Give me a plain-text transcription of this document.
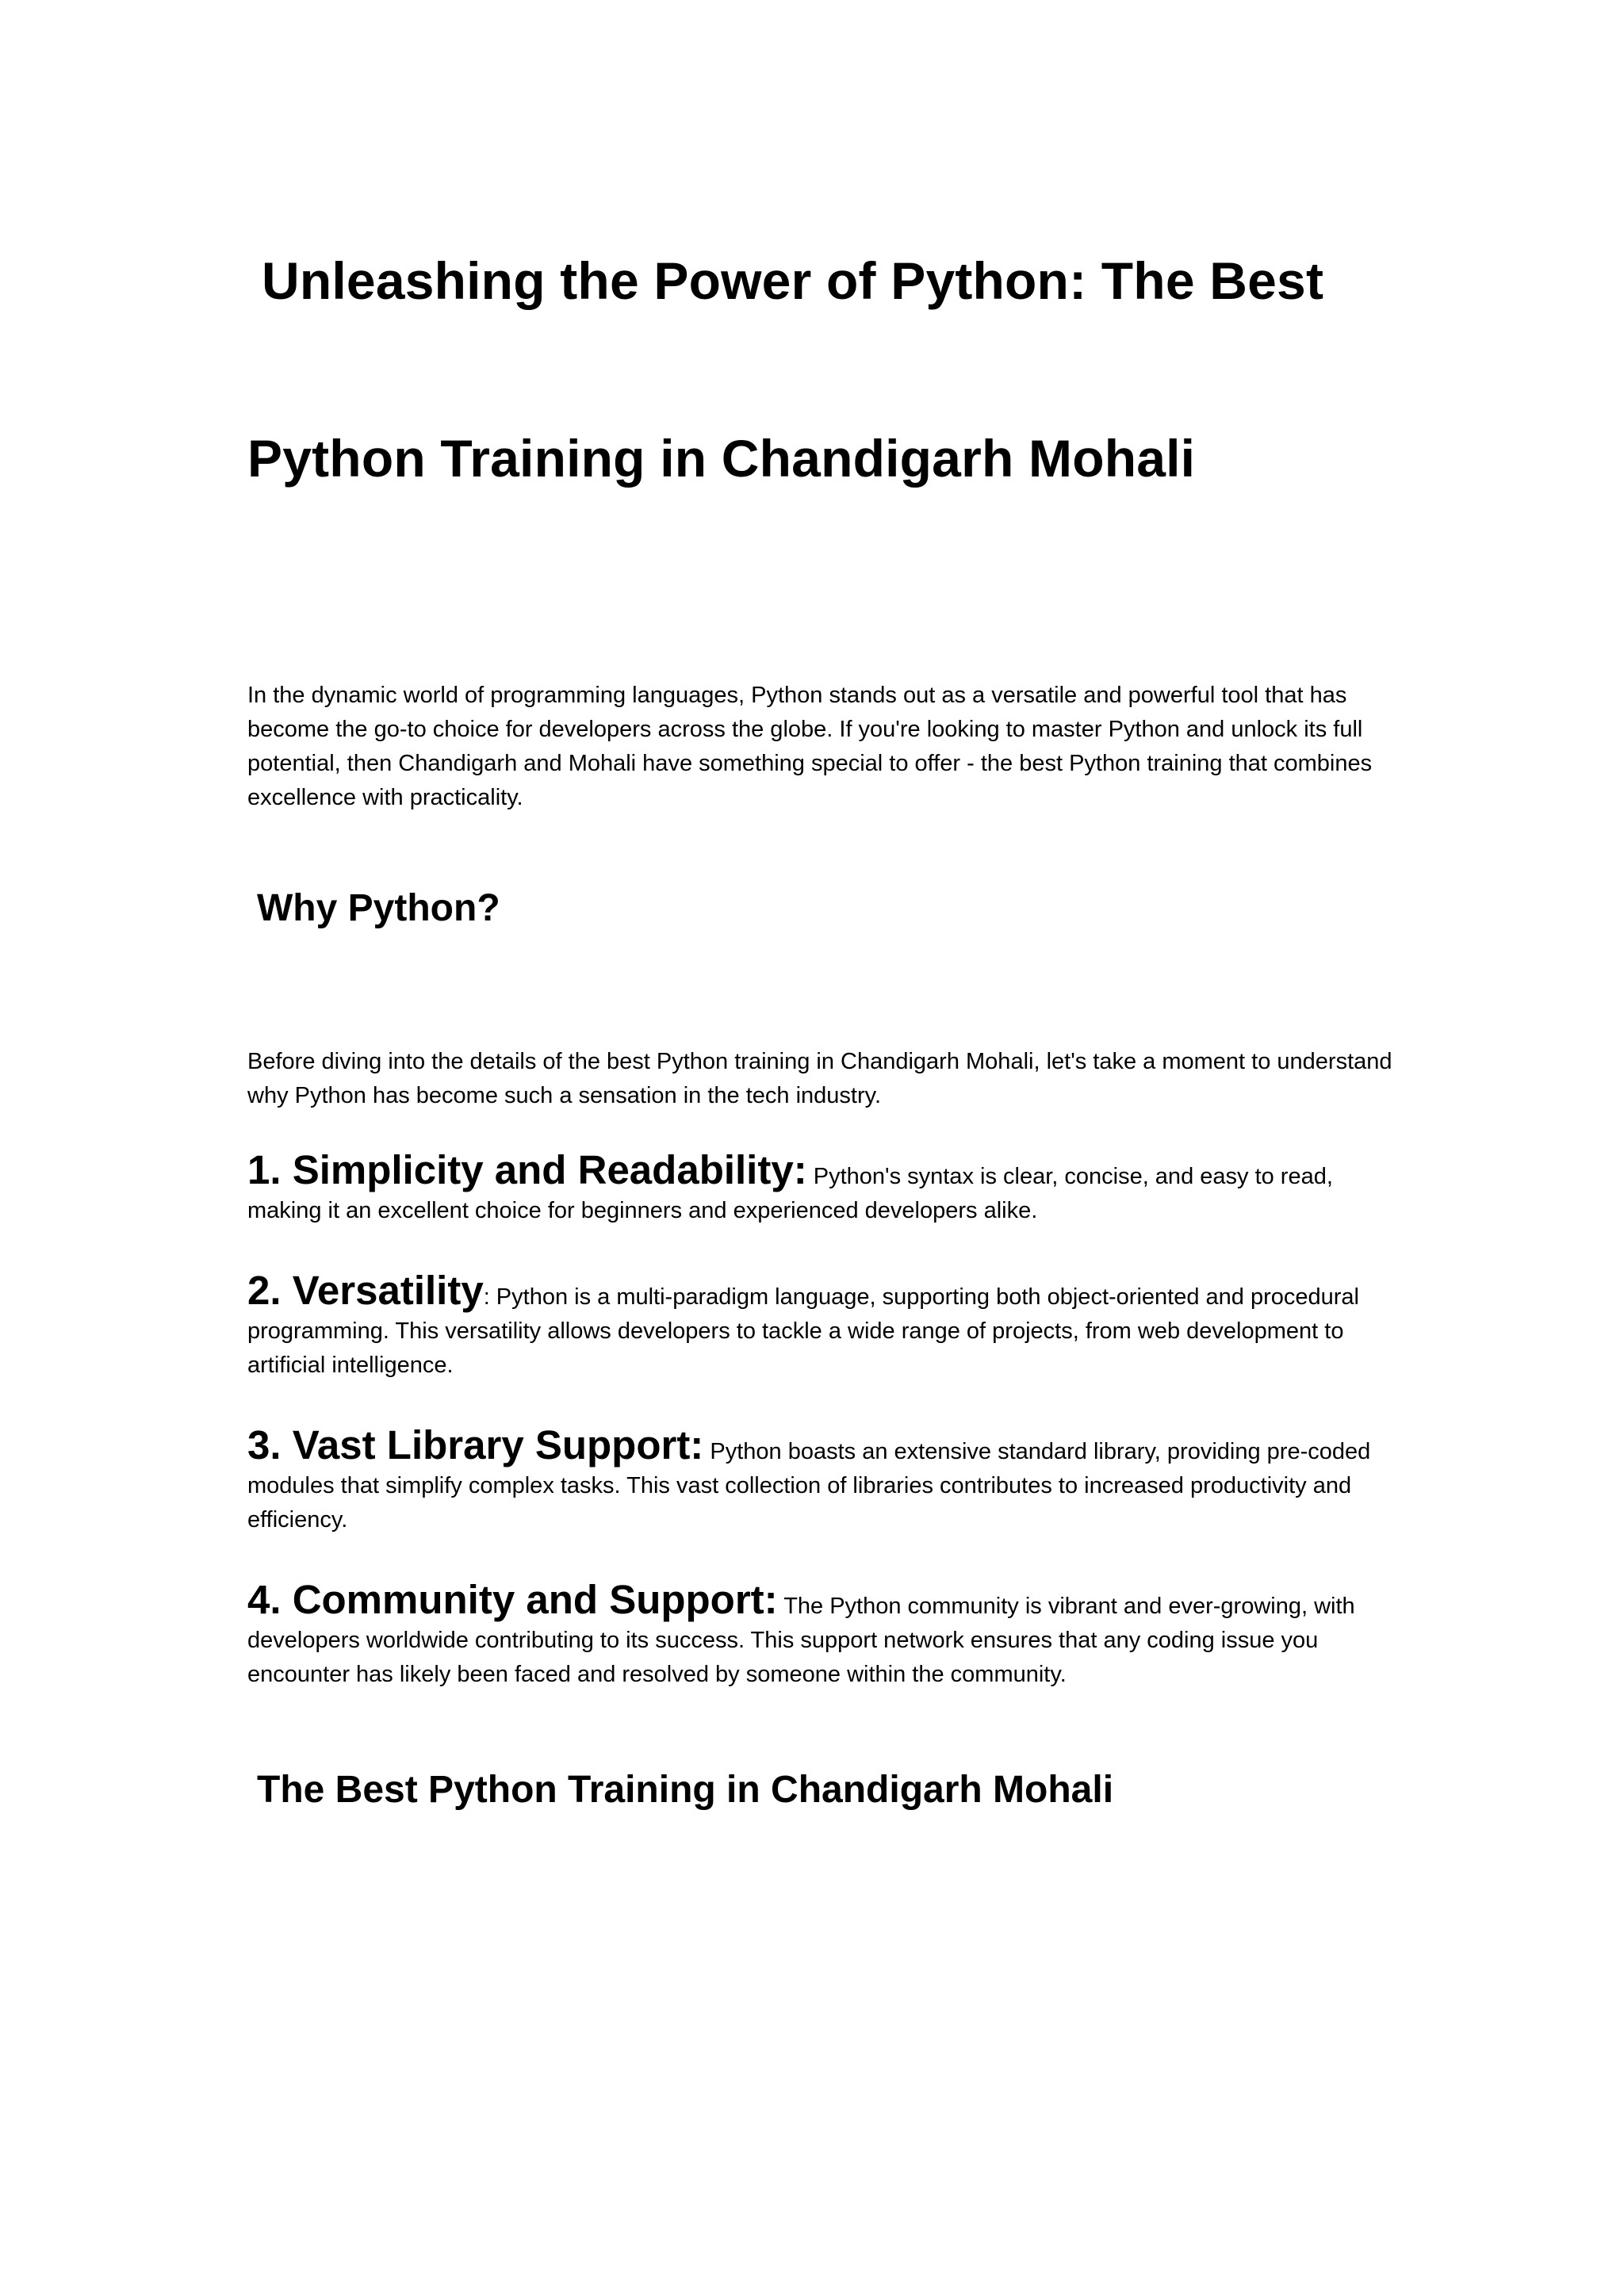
Unleashing the Power of Python: The Best
Python Training in Chandigarh Mohali

In the dynamic world of programming languages, Python stands out as a versatile and powerful tool that has become the go-to choice for developers across the globe. If you're looking to master Python and unlock its full potential, then Chandigarh and Mohali have something special to offer - the best Python training that combines excellence with practicality.

Why Python?

Before diving into the details of the best Python training in Chandigarh Mohali, let's take a moment to understand why Python has become such a sensation in the tech industry.

1. Simplicity and Readability: Python's syntax is clear, concise, and easy to read, making it an excellent choice for beginners and experienced developers alike.

2. Versatility: Python is a multi-paradigm language, supporting both object-oriented and procedural programming. This versatility allows developers to tackle a wide range of projects, from web development to artificial intelligence.

3. Vast Library Support: Python boasts an extensive standard library, providing pre-coded modules that simplify complex tasks. This vast collection of libraries contributes to increased productivity and efficiency.

4. Community and Support: The Python community is vibrant and ever-growing, with developers worldwide contributing to its success. This support network ensures that any coding issue you encounter has likely been faced and resolved by someone within the community.

The Best Python Training in Chandigarh Mohali
